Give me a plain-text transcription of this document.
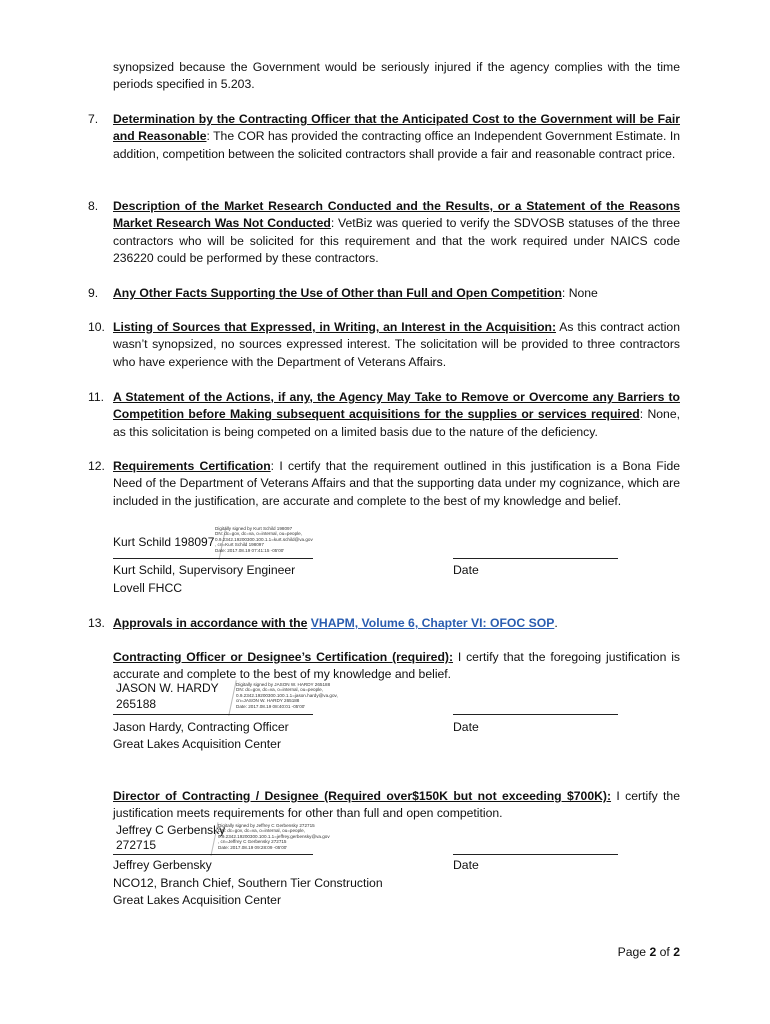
synopsized because the Government would be seriously injured if the agency complies with the time periods specified in 5.203.

7.	Determination by the Contracting Officer that the Anticipated Cost to the Government will be Fair and Reasonable: The COR has provided the contracting office an Independent Government Estimate. In addition, competition between the solicited contractors shall provide a fair and reasonable contract price.

8.	Description of the Market Research Conducted and the Results, or a Statement of the Reasons Market Research Was Not Conducted: VetBiz was queried to verify the SDVOSB statuses of the three contractors who will be solicited for this requirement and that the work required under NAICS code 236220 could be performed by these contractors.

9.	Any Other Facts Supporting the Use of Other than Full and Open Competition: None

10. Listing of Sources that Expressed, in Writing, an Interest in the Acquisition: As this contract action wasn’t synopsized, no sources expressed interest. The solicitation will be provided to three contractors who have experience with the Department of Veterans Affairs.

11. A Statement of the Actions, if any, the Agency May Take to Remove or Overcome any Barriers to Competition before Making subsequent acquisitions for the supplies or services required: None, as this solicitation is being competed on a limited basis due to the nature of the deficiency.

12. Requirements Certification: I certify that the requirement outlined in this justification is a Bona Fide Need of the Department of Veterans Affairs and that the supporting data under my cognizance, which are included in the justification, are accurate and complete to the best of my knowledge and belief.

Kurt Schild 198097
Digitally signed by Kurt Schild 198097
DN: dc=gov, dc=va, o=internal, ou=people,
0.9.2342.19200300.100.1.1=kurt.schild@va.gov
, cn=Kurt Schild 198097
Date: 2017.08.19 07:41:15 -05'00'
Kurt Schild, Supervisory Engineer	Date
Lovell FHCC
13. Approvals in accordance with the VHAPM, Volume 6, Chapter VI: OFOC SOP.

Contracting Officer or Designee’s Certification (required): I certify that the foregoing justification is accurate and complete to the best of my knowledge and belief.

JASON W. HARDY
265188
Digitally signed by JASON W. HARDY 265188
DN: dc=gov, dc=va, o=internal, ou=people,
0.9.2342.19200300.100.1.1=jason.hardy@va.gov,
cn=JASON W. HARDY 265188
Date: 2017.08.19 08:40:01 -05'00'
Jason Hardy, Contracting Officer	Date
Great Lakes Acquisition Center

Director of Contracting / Designee (Required over$150K but not exceeding $700K): I certify the justification meets requirements for other than full and open competition.

Jeffrey C Gerbensky
272715
Digitally signed by Jeffrey C Gerbensky 272715
DN: dc=gov, dc=va, o=internal, ou=people,
0.9.2342.19200300.100.1.1=jeffrey.gerbensky@va.gov
, cn=Jeffrey C Gerbensky 272715
Date: 2017.08.19 09:28:09 -05'00'
Jeffrey Gerbensky	Date
NCO12, Branch Chief, Southern Tier Construction
Great Lakes Acquisition Center
Page 2 of 2
